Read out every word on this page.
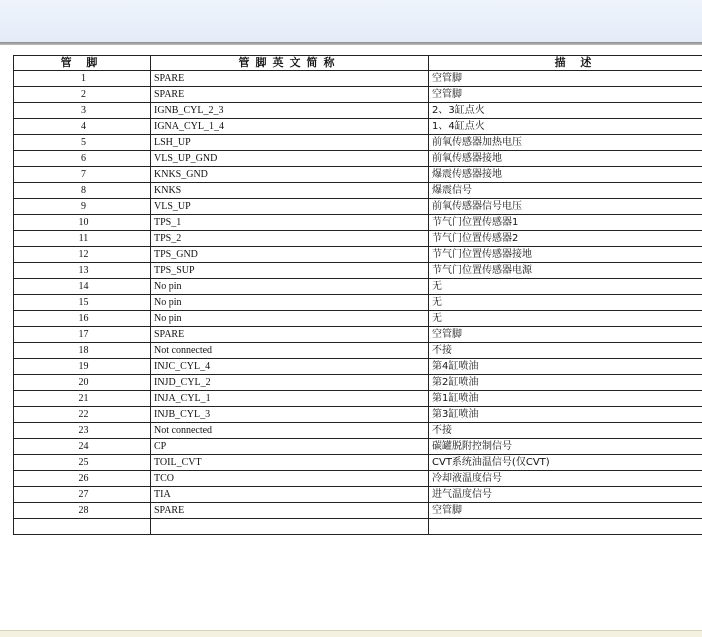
管 脚	管脚英文简称	描 述
1	SPARE	空管脚
2	SPARE	空管脚
3	IGNB_CYL_2_3	2、3缸点火
4	IGNA_CYL_1_4	1、4缸点火
5	LSH_UP	前氧传感器加热电压
6	VLS_UP_GND	前氧传感器接地
7	KNKS_GND	爆震传感器接地
8	KNKS	爆震信号
9	VLS_UP	前氧传感器信号电压
10	TPS_1	节气门位置传感器1
11	TPS_2	节气门位置传感器2
12	TPS_GND	节气门位置传感器接地
13	TPS_SUP	节气门位置传感器电源
14	No pin	无
15	No pin	无
16	No pin	无
17	SPARE	空管脚
18	Not connected	不接
19	INJC_CYL_4	第4缸喷油
20	INJD_CYL_2	第2缸喷油
21	INJA_CYL_1	第1缸喷油
22	INJB_CYL_3	第3缸喷油
23	Not connected	不接
24	CP	碳罐脱附控制信号
25	TOIL_CVT	CVT系统油温信号(仅CVT)
26	TCO	冷却液温度信号
27	TIA	进气温度信号
28	SPARE	空管脚
